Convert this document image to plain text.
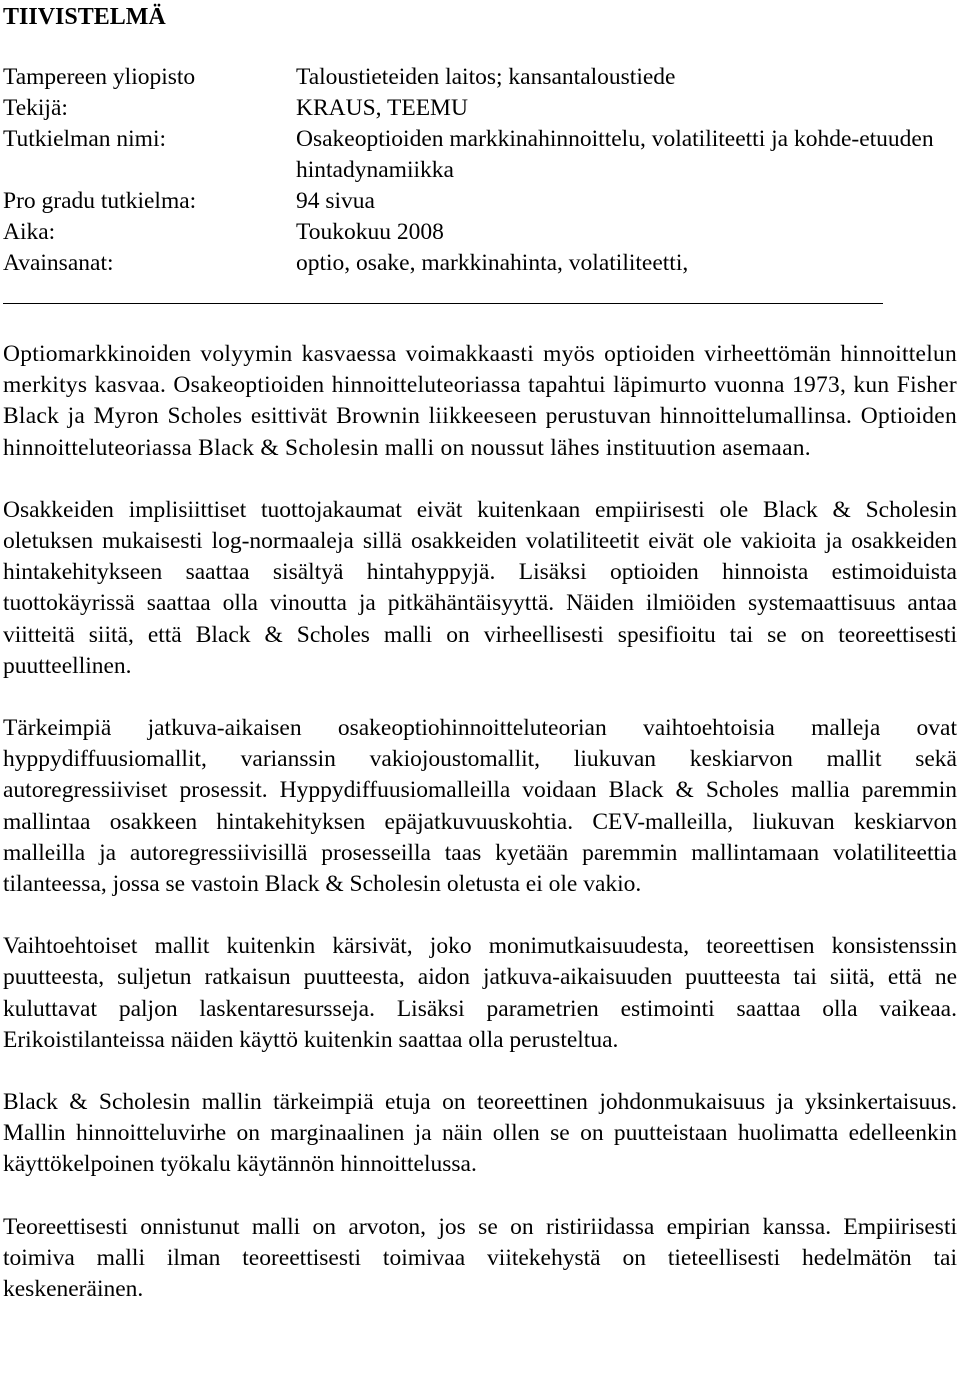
TIIVISTELMÄ
Tampereen yliopisto	Taloustieteiden laitos; kansantaloustiede
Tekijä:	KRAUS, TEEMU
Tutkielman nimi:	Osakeoptioiden markkinahinnoittelu, volatiliteetti ja kohde-etuuden hintadynamiikka
Pro gradu tutkielma:	94 sivua
Aika:	Toukokuu 2008
Avainsanat:	optio, osake, markkinahinta, volatiliteetti,

Optiomarkkinoiden volyymin kasvaessa voimakkaasti myös optioiden virheettömän hinnoittelun merkitys kasvaa. Osakeoptioiden hinnoitteluteoriassa tapahtui läpimurto vuonna 1973, kun Fisher Black ja Myron Scholes esittivät Brownin liikkeeseen perustuvan hinnoittelumallinsa. Optioiden hinnoitteluteoriassa Black & Scholesin malli on noussut lähes instituution asemaan.

Osakkeiden implisiittiset tuottojakaumat eivät kuitenkaan empiirisesti ole Black & Scholesin oletuksen mukaisesti log-normaaleja sillä osakkeiden volatiliteetit eivät ole vakioita ja osakkeiden hintakehitykseen saattaa sisältyä hintahyppyjä. Lisäksi optioiden hinnoista estimoiduista tuottokäyrissä saattaa olla vinoutta ja pitkähäntäisyyttä. Näiden ilmiöiden systemaattisuus antaa viitteitä siitä, että Black & Scholes malli on virheellisesti spesifioitu tai se on teoreettisesti puutteellinen.

Tärkeimpiä jatkuva-aikaisen osakeoptiohinnoitteluteorian vaihtoehtoisia malleja ovat hyppydiffuusiomallit, varianssin vakiojoustomallit, liukuvan keskiarvon mallit sekä autoregressiiviset prosessit. Hyppydiffuusiomalleilla voidaan Black & Scholes mallia paremmin mallintaa osakkeen hintakehityksen epäjatkuvuuskohtia. CEV-malleilla, liukuvan keskiarvon malleilla ja autoregressiivisillä prosesseilla taas kyetään paremmin mallintamaan volatiliteettia tilanteessa, jossa se vastoin Black & Scholesin oletusta ei ole vakio.

Vaihtoehtoiset mallit kuitenkin kärsivät, joko monimutkaisuudesta, teoreettisen konsistenssin puutteesta, suljetun ratkaisun puutteesta, aidon jatkuva-aikaisuuden puutteesta tai siitä, että ne kuluttavat paljon laskentaresursseja. Lisäksi parametrien estimointi saattaa olla vaikeaa. Erikoistilanteissa näiden käyttö kuitenkin saattaa olla perusteltua.

Black & Scholesin mallin tärkeimpiä etuja on teoreettinen johdonmukaisuus ja yksinkertaisuus. Mallin hinnoitteluvirhe on marginaalinen ja näin ollen se on puutteistaan huolimatta edelleenkin käyttökelpoinen työkalu käytännön hinnoittelussa.

Teoreettisesti onnistunut malli on arvoton, jos se on ristiriidassa empirian kanssa. Empiirisesti toimiva malli ilman teoreettisesti toimivaa viitekehystä on tieteellisesti hedelmätön tai keskeneräinen.
